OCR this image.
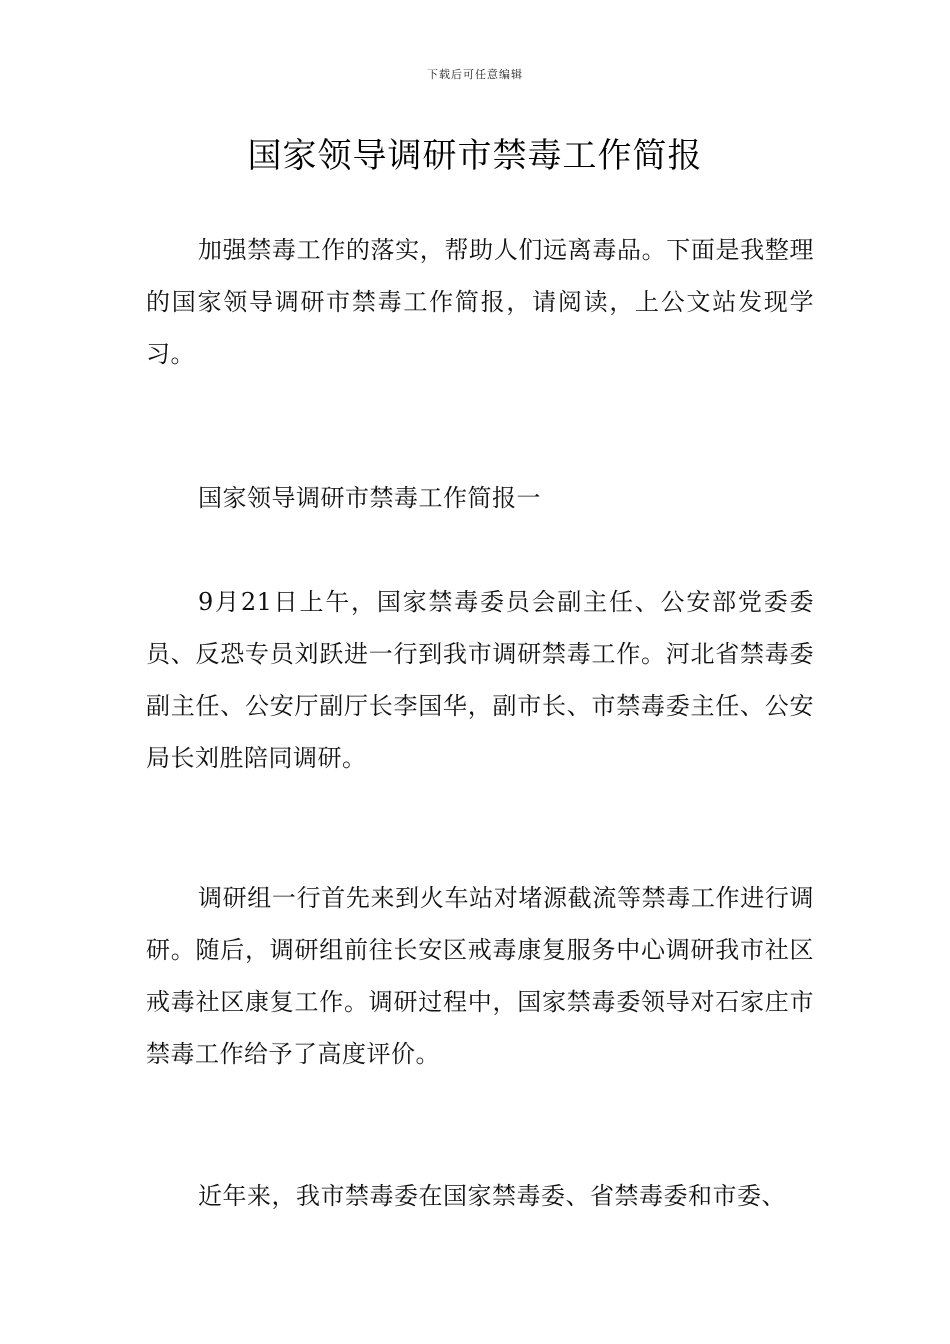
下载后可任意编辑
国家领导调研市禁毒工作简报

加强禁毒工作的落实，帮助人们远离毒品。下面是我整理的国家领导调研市禁毒工作简报，请阅读，上公文站发现学习。

国家领导调研市禁毒工作简报一

9月21日上午，国家禁毒委员会副主任、公安部党委委员、反恐专员刘跃进一行到我市调研禁毒工作。河北省禁毒委副主任、公安厅副厅长李国华，副市长、市禁毒委主任、公安局长刘胜陪同调研。

调研组一行首先来到火车站对堵源截流等禁毒工作进行调研。随后，调研组前往长安区戒毒康复服务中心调研我市社区戒毒社区康复工作。调研过程中，国家禁毒委领导对石家庄市禁毒工作给予了高度评价。

近年来，我市禁毒委在国家禁毒委、省禁毒委和市委、
